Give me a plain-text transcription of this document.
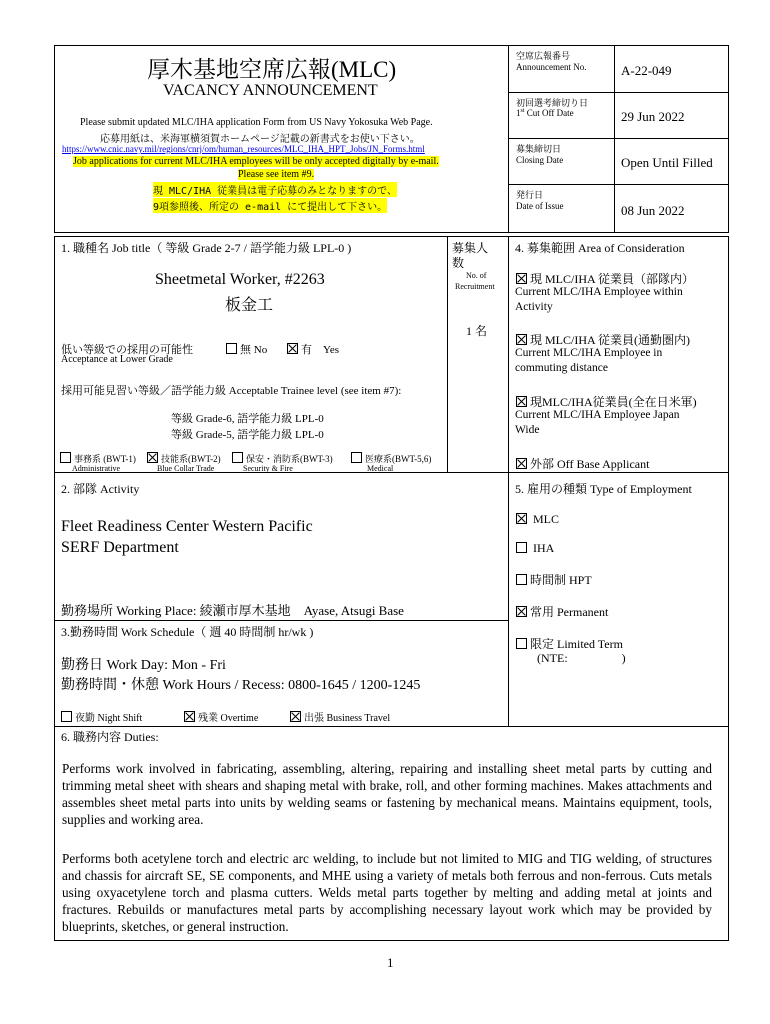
厚木基地空席広報(MLC)
VACANCY ANNOUNCEMENT
Please submit updated MLC/IHA application Form from US Navy Yokosuka Web Page.
応募用紙は、米海軍横須賀ホームページ記載の新書式をお使い下さい。
https://www.cnic.navy.mil/regions/cnrj/om/human_resources/MLC_IHA_HPT_Jobs/JN_Forms.html
Job applications for current MLC/IHA employees will be only accepted digitally by e-mail.
Please see item #9.
現 MLC/IHA 従業員は電子応募のみとなりますので、
9項参照後、所定の e-mail にて提出して下さい。
空席広報番号
Announcement No.	A-22-049
初回選考締切り日
1st Cut Off Date	29 Jun 2022
募集締切日
Closing Date	Open Until Filled
発行日
Date of Issue	08 Jun 2022
1. 職種名 Job title（ 等級 Grade 2-7 / 語学能力級 LPL-0 )
Sheetmetal Worker, #2263
板金工
募集人
数
No. of
Recruitment
1 名
低い等級での採用の可能性
Acceptance at Lower Grade
無 No	有　Yes
採用可能見習い等級／語学能力級 Acceptable Trainee level (see item #7):
等級 Grade-6, 語学能力級 LPL-0
等級 Grade-5, 語学能力級 LPL-0
事務系 (BWT-1)
Administrative
技能系(BWT-2)
Blue Collar Trade
保安・消防系(BWT-3)
Security & Fire
医療系(BWT-5,6)
Medical
4. 募集範囲 Area of Consideration
現 MLC/IHA 従業員（部隊内）
Current MLC/IHA Employee within
Activity
現 MLC/IHA 従業員(通勤圏内)
Current MLC/IHA Employee in
commuting distance
現MLC/IHA従業員(全在日米軍)
Current MLC/IHA Employee Japan
Wide
外部 Off Base Applicant
2. 部隊 Activity
Fleet Readiness Center Western Pacific
SERF Department
勤務場所 Working Place: 綾瀬市厚木基地　Ayase, Atsugi Base
5. 雇用の種類 Type of Employment
MLC
IHA
時間制 HPT
常用 Permanent
限定 Limited Term
(NTE:                  )
3.勤務時間 Work Schedule（ 週 40 時間制 hr/wk )
勤務日 Work Day: Mon - Fri
勤務時間・休憩 Work Hours / Recess: 0800-1645 / 1200-1245
夜勤 Night Shift	残業 Overtime	出張 Business Travel
6. 職務内容 Duties:
Performs work involved in fabricating, assembling, altering, repairing and installing sheet metal parts by cutting and trimming metal sheet with shears and shaping metal with brake, roll, and other forming machines. Makes attachments and assembles sheet metal parts into units by welding seams or fastening by mechanical means. Maintains equipment, tools, supplies and working area.
Performs both acetylene torch and electric arc welding, to include but not limited to MIG and TIG welding, of structures and chassis for aircraft SE, SE components, and MHE using a variety of metals both ferrous and non-ferrous. Cuts metals using oxyacetylene torch and plasma cutters. Welds metal parts together by melting and adding metal at joints and fractures. Rebuilds or manufactures metal parts by accomplishing necessary layout work which may be provided by blueprints, sketches, or general instruction.
1
